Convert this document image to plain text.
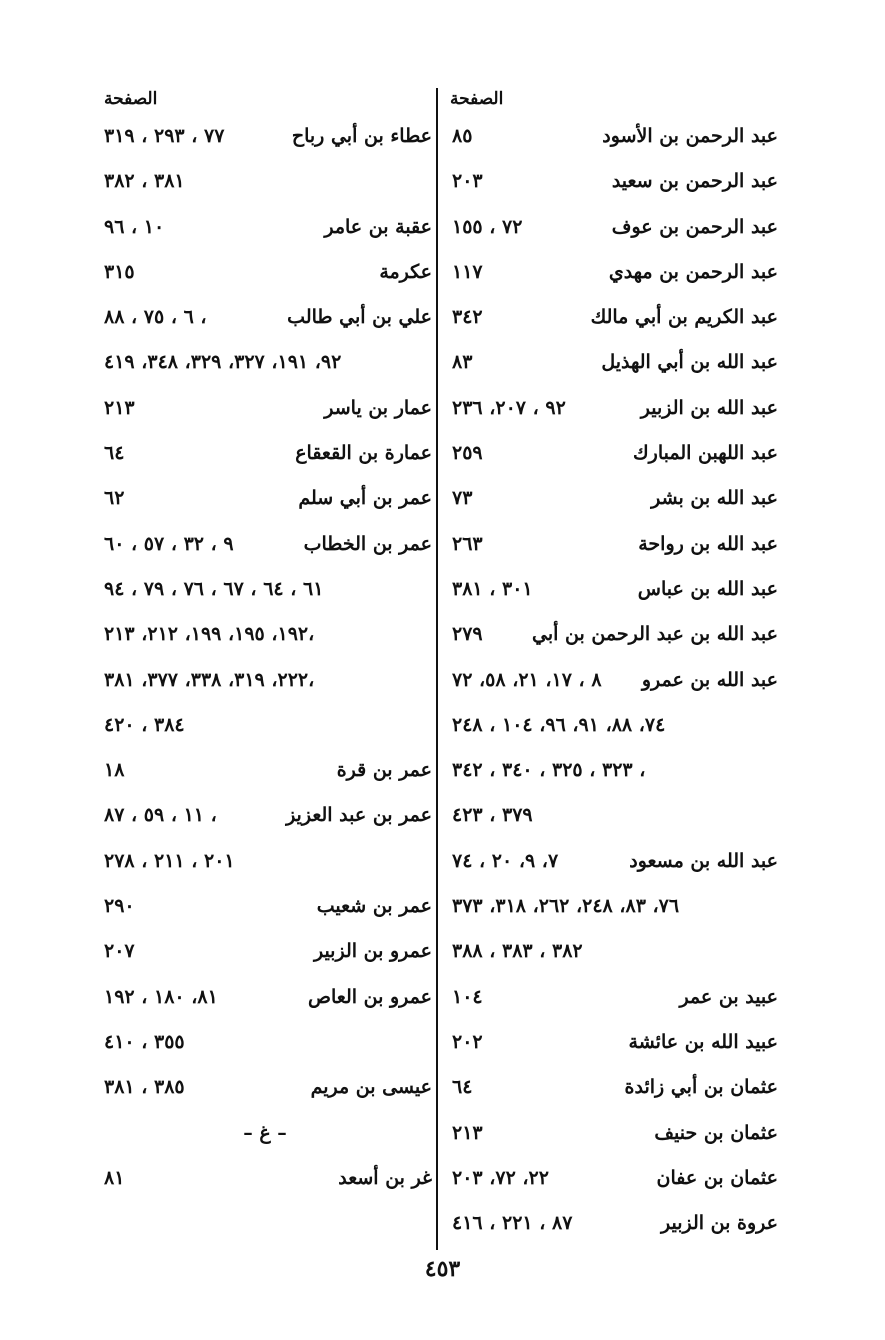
الصفحة
عبد الرحمن بن الأسود
٨٥
عبد الرحمن بن سعيد
٢٠٣
عبد الرحمن بن عوف
٧٢ ، ١٥٥
عبد الرحمن بن مهدي
١١٧
عبد الكريم بن أبي مالك
٣٤٢
عبد الله بن أبي الهذيل
٨٣
عبد الله بن الزبير
٩٢ ، ٢٠٧، ٢٣٦
عبد اللهبن المبارك
٢٥٩
عبد الله بن بشر
٧٣
عبد الله بن رواحة
٢٦٣
عبد الله بن عباس
٣٠١ ، ٣٨١
عبد الله بن عبد الرحمن بن أبي
٢٧٩
عبد الله بن عمرو
٨ ، ١٧، ٢١، ٥٨، ٧٢
٧٤، ٨٨، ٩١، ٩٦، ١٠٤ ، ٢٤٨
٣٢٣ ، ٣٢٥ ، ٣٤٠ ، ٣٤٢ ،
٣٧٩ ، ٤٢٣
عبد الله بن مسعود
٧، ٩، ٢٠ ، ٧٤
٧٦، ٨٣، ٢٤٨، ٢٦٢، ٣١٨، ٣٧٣
٣٨٢ ، ٣٨٣ ، ٣٨٨
عبيد بن عمر
١٠٤
عبيد الله بن عائشة
٢٠٢
عثمان بن أبي زائدة
٦٤
عثمان بن حنيف
٢١٣
عثمان بن عفان
٢٢، ٧٢، ٢٠٣
عروة بن الزبير
٨٧ ، ٢٢١ ، ٤١٦
الصفحة
عطاء بن أبي رباح
٧٧ ، ٢٩٣ ، ٣١٩
٣٨١ ، ٣٨٢
عقبة بن عامر
١٠ ، ٩٦
عكرمة
٣١٥
علي بن أبي طالب
٦ ، ٧٥ ، ٨٨ ،
٩٢، ١٩١، ٣٢٧، ٣٢٩، ٣٤٨، ٤١٩
عمار بن ياسر
٢١٣
عمارة بن القعقاع
٦٤
عمر بن أبي سلم
٦٢
عمر بن الخطاب
٩ ، ٣٢ ، ٥٧ ، ٦٠
٦١ ، ٦٤ ، ٦٧ ، ٧٦ ، ٧٩ ، ٩٤
١٩٢، ١٩٥، ١٩٩، ٢١٢، ٢١٣،
٢٢٢، ٣١٩، ٣٣٨، ٣٧٧، ٣٨١،
٣٨٤ ، ٤٢٠
عمر بن قرة
١٨
عمر بن عبد العزيز
١١ ، ٥٩ ، ٨٧ ،
٢٠١ ، ٢١١ ، ٢٧٨
عمر بن شعيب
٢٩٠
عمرو بن الزبير
٢٠٧
عمرو بن العاص
٨١، ١٨٠ ، ١٩٢
٣٥٥ ، ٤١٠
عيسى بن مريم
٣٨٥ ، ٣٨١
– غ –
غر بن أسعد
٨١
٤٥٣
